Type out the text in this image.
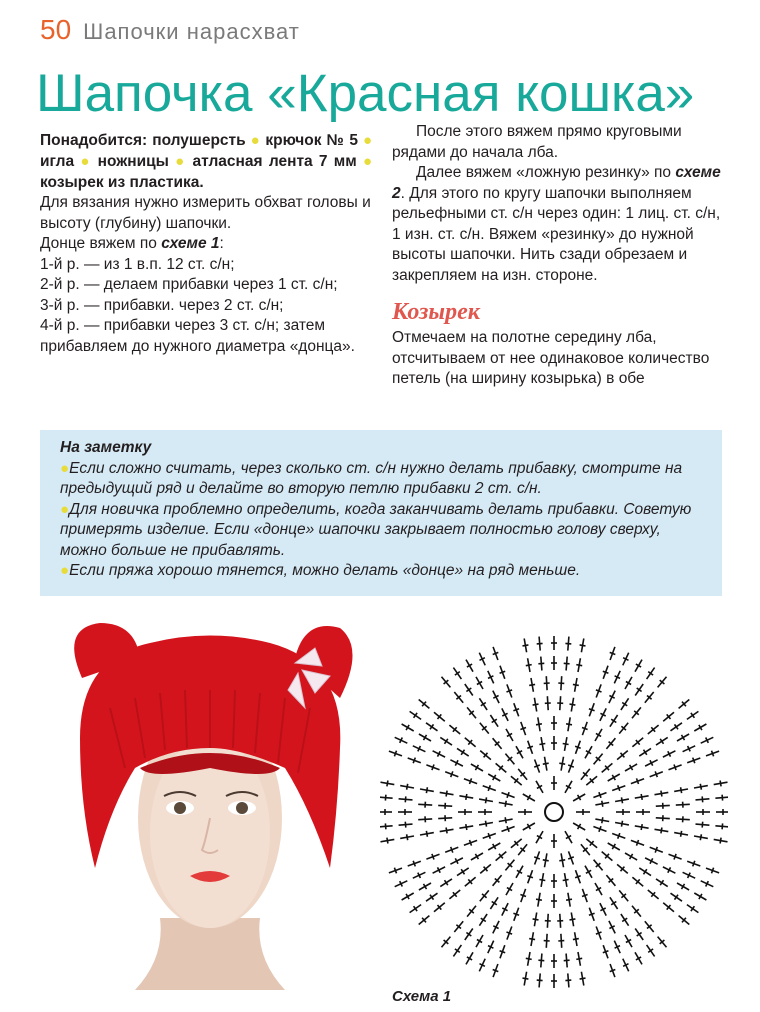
50 Шапочки нарасхват
Шапочка «Красная кошка»

Понадобится: полушерсть ● крючок № 5 ● игла ● ножницы ● атласная лента 7 мм ● козырек из пластика.

Для вязания нужно измерить обхват головы и высоту (глубину) шапочки.

Донце вяжем по схеме 1:

1-й р. — из 1 в.п. 12 ст. с/н;

2-й р. — делаем прибавки через 1 ст. с/н;

3-й р. — прибавки. через 2 ст. с/н;

4-й р. — прибавки через 3 ст. с/н; затем прибавляем до нужного диаметра «донца».

После этого вяжем прямо круговыми рядами до начала лба.

Далее вяжем «ложную резинку» по схеме 2. Для этого по кругу шапочки выполняем рельефными ст. с/н через один: 1 лиц. ст. с/н, 1 изн. ст. с/н. Вяжем «резинку» до нужной высоты шапочки. Нить сзади обрезаем и закрепляем на изн. стороне.

Козырек

Отмечаем на полотне середину лба, отсчитываем от нее одинаковое количество петель (на ширину козырька) в обе

На заметку

●Если сложно считать, через сколько ст. с/н нужно делать прибавку, смотрите на предыдущий ряд и делайте во вторую петлю прибавки 2 ст. с/н.

●Для новичка проблемно определить, когда заканчивать делать прибавки. Советую примерять изделие. Если «донце» шапочки закрывает полностью голову сверху, можно больше не прибавлять.

●Если пряжа хорошо тянется, можно делать «донце» на ряд меньше.

Схема 1
